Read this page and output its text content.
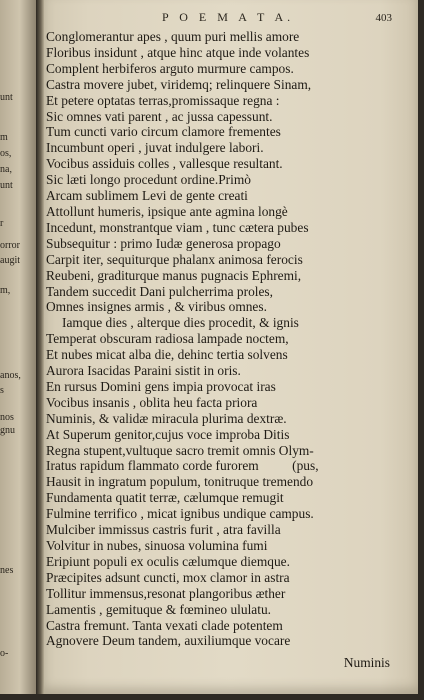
unt
m
os,
na,
unt
r
orror
augit
m,
anos,
s
nos
gnu
nes
o-
P O E M A T A.	403
Conglomerantur apes , quum puri mellis amore
Floribus insidunt , atque hinc atque inde volantes
Complent herbiferos arguto murmure campos.
Castra movere jubet, viridemq; relinquere Sinam,
Et petere optatas terras,promissaque regna :
Sic omnes vati parent , ac jussa capessunt.
Tum cuncti vario circum clamore frementes
Incumbunt operi , juvat indulgere labori.
Vocibus assiduis colles , vallesque resultant.
Sic læti longo procedunt ordine.Primò
Arcam sublimem Levi de gente creati
Attollunt humeris, ipsique ante agmina longè
Incedunt, monstrantque viam , tunc cætera pubes
Subsequitur : primo Iudæ generosa propago
Carpit iter, sequiturque phalanx animosa ferocis
Reubeni, graditurque manus pugnacis Ephremi,
Tandem succedit Dani pulcherrima proles,
Omnes insignes armis , & viribus omnes.
Iamque dies , alterque dies procedit, & ignis
Temperat obscuram radiosa lampade noctem,
Et nubes micat alba die, dehinc tertia solvens
Aurora Isacidas Paraini sistit in oris.
En rursus Domini gens impia provocat iras
Vocibus insanis , oblita heu facta priora
Numinis, & validæ miracula plurima dextræ.
At Superum genitor,cujus voce improba Ditis
Regna stupent,vultuque sacro tremit omnis Olym-
Iratus rapidum flammato corde furorem          (pus,
Hausit in ingratum populum, tonitruque tremendo
Fundamenta quatit terræ, cælumque remugit
Fulmine terrifico , micat ignibus undique campus.
Mulciber immissus castris furit , atra favilla
Volvitur in nubes, sinuosa volumina fumi
Eripiunt populi ex oculis cælumque diemque.
Præcipites adsunt cuncti, mox clamor in astra
Tollitur immensus,resonat plangoribus æther
Lamentis , gemituque & fœmineo ululatu.
Castra fremunt. Tanta vexati clade potentem
Agnovere Deum tandem, auxiliumque vocare
Numinis
